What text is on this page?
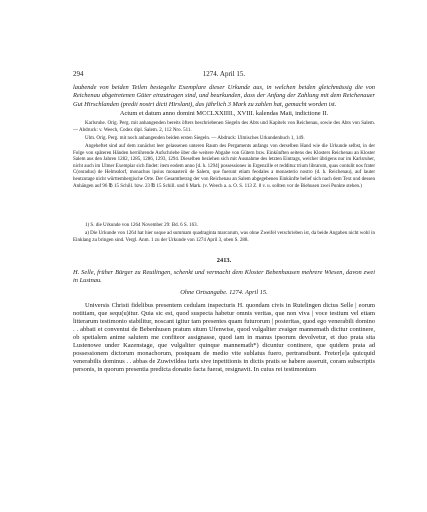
294	1274. April 15.

laubende von beiden Teilen besiegelte Exemplare dieser Urkunde aus, in welchen beiden gleichmässig die von Reichenau abgetretenen Güter einzutragen sind, und beurkunden, dass der Anfang der Zahlung mit dem Reichenauer Gut Hirschlanden (predii nostri dicti Hirslant), das jährlich 3 Mark zu zahlen hat, gemacht worden ist.

Actum et datum anno domini MCCLXXIIII., XVIII. kalendas Maii, indictione II.

Karlsruhe. Orig. Perg. mit anhangenden bereits öfters beschriebenen Siegeln des Abts und Kapitels von Reichenau, sowie des Abts von Salem. — Abdruck: v. Weech, Codex dipl. Salem. 2, 112 Nro. 511.

Ulm. Orig. Perg. mit noch anhangenden beiden ersten Siegeln. — Abdruck: Ulmisches Urkundenbuch 1, 149.

Angeheftet sind auf dem zunächst leer gelassenen unteren Raum des Pergaments anfangs von derselben Hand wie die Urkunde selbst, in der Folge von späteren Händen herrührende Aufschriebe über die weitere Abgabe von Gütern bzw. Einkünften seitens des Klosters Reichenau an Kloster Salem aus den Jahren 1282, 1285, 1286, 1293, 1294. Dieselben beziehen sich mit Ausnahme des letzten Eintrags, welcher übrigens nur im Karlsruher, nicht auch im Ulmer Exemplar sich findet: item eodem anno [d. h. 1294] possessiones in Ergenzille et reddituz trium librarum, quas contulit nos frater C(onradus) de Helmsdorf, monachus ipsius monasterii de Salem, que fuerunt etiam feodales a monasterio nostro (d. h. Reichenau), auf lauter heutzutage nicht württembergische Orte. Der Gesamtbetrag der von Reichenau an Salem abgegebenen Einkünfte belief sich nach dem Text und dessen Anhängen auf 96 ℔ 15 Schill. bzw. 23 ℔ 15 Schill. und 6 Mark. (v. Weech a. a. O. S. 113 Z. 8 v. u. sollten vor de Biehusen zwei Punkte stehen.)

1) S. die Urkunde von 1264 November 29: Bd. 6 S. 163.

a) Die Urkunde von 1264 hat hier usque ad summam quadraginta marcarum, was ohne Zweifel verschrieben ist, da beide Angaben nicht wohl in Einklang zu bringen sind. Vergl. Anm. 1 zu der Urkunde von 1274 April 3, oben S. 288.

2413.

H. Selle, früher Bürger zu Reutlingen, schenkt und vermacht dem Kloster Bebenhausen mehrere Wiesen, davon zwei in Lustnau.

Ohne Ortsangabe. 1274. April 15.

Universis Christi fidelibus presentem cedulam inspecturis H. quondam civis in Rutelingen dictus Selle | eorum notitiam, que sequ(u)itur. Quia sic est, quod suspecta habetur omnis veritas, que non viva | voce testium vel etiam litterarum testimonio stabilitur, noscant igitur tam presentes quam futurorum | posteritas, quod ego venerabili domino . . abbati et conventui de Bebenhusen pratum situm Ufenwise, quod vulgaliter zvaiger mannemath dicitur continere, ob spetialem anime salutem me confiteor assignasse, quod iam in manus ipsorum devolvetur, et duo prata sita Lustenowe under Kazenstage, que vulgaliter quinque mannemath*) dicuntur continere, que quidem prata ad possessionem dictorum monachorum, postquam de medio vite sublatus fuero, pertransibunt. Freter[e]a quicquid venerabilis dominus . . abbas de Zuwivildea iuris sive inpetitionis in dictis pratis se habere asseruit, coram subscriptis personis, in quorum presentia predicta donatio facta fuerat, resignavit. In cuius rei testimonium
